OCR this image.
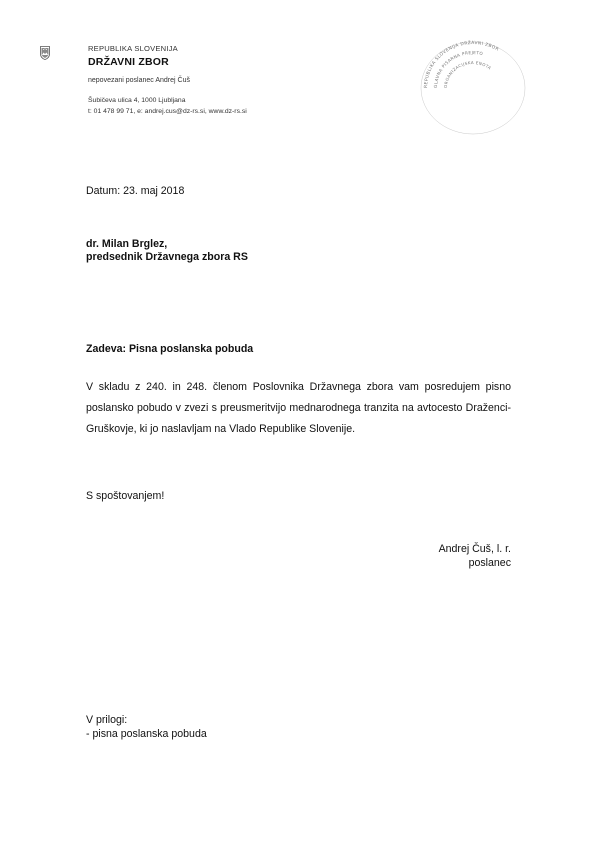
REPUBLIKA SLOVENIJA
DRŽAVNI ZBOR
nepovezani poslanec Andrej Čuš
Šubičeva ulica 4, 1000 Ljubljana
t: 01 478 99 71, e: andrej.cus@dz-rs.si, www.dz-rs.si
REPUBLIKA SLOVENIJA DRŽAVNI ZBOR
GLAVNA PISARNA PREJETO
ORGANIZACIJSKA ENOTA
Datum: 23. maj 2018
dr. Milan Brglez,
predsednik Državnega zbora RS
Zadeva: Pisna poslanska pobuda
V skladu z 240. in 248. členom Poslovnika Državnega zbora vam posredujem pisno poslansko pobudo v zvezi s preusmeritvijo mednarodnega tranzita na avtocesto Draženci-Gruškovje, ki jo naslavljam na Vlado Republike Slovenije.
S spoštovanjem!
Andrej Čuš, l. r.
poslanec
V prilogi:
- pisna poslanska pobuda
